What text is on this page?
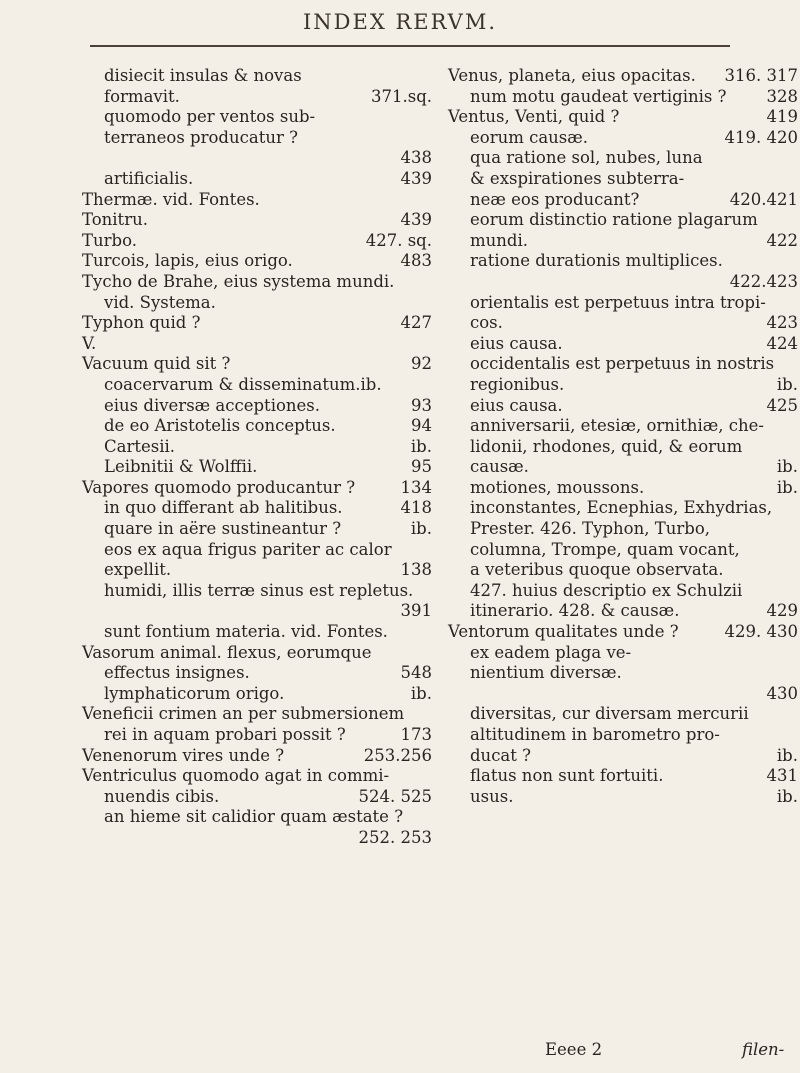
INDEX RERVM.
disiecit insulas & novas
formavit.	371.sq.
quomodo per ventos sub-
terraneos producatur ?
438
artificialis.	439
Thermæ. vid. Fontes.
Tonitru.	439
Turbo.	427. sq.
Turcois, lapis, eius origo.	483
Tycho de Brahe, eius systema mundi.
vid. Systema.
Typhon quid ?	427
V.
Vacuum quid sit ?	92
coacervarum & disseminatum.ib.
eius diversæ acceptiones.	93
de eo Aristotelis conceptus.	94
Cartesii.	ib.
Leibnitii & Wolffii.	95
Vapores quomodo producantur ?	134
in quo differant ab halitibus.	418
quare in aëre sustineantur ?	ib.
eos ex aqua frigus pariter ac calor
expellit.	138
humidi, illis terræ sinus est repletus.
391
sunt fontium materia. vid. Fontes.
Vasorum animal. flexus, eorumque
effectus insignes.	548
lymphaticorum origo.	ib.
Veneficii crimen an per submersionem
rei in aquam probari possit ?	173
Venenorum vires unde ?	253.256
Ventriculus quomodo agat in commi-
nuendis cibis.	524. 525
an hieme sit calidior quam æstate ?
252. 253
Venus, planeta, eius opacitas. 316. 317
num motu gaudeat vertiginis ? 328
Ventus, Venti, quid ?	419
eorum causæ.	419. 420
qua ratione sol, nubes, luna
& exspirationes subterra-
neæ eos producant?	420.421
eorum distinctio ratione plagarum
mundi.	422
ratione durationis multiplices.
422.423
orientalis est perpetuus intra tropi-
cos.	423
eius causa.	424
occidentalis est perpetuus in nostris
regionibus.	ib.
eius causa.	425
anniversarii, etesiæ, ornithiæ, che-
lidonii, rhodones, quid, & eorum
causæ.	ib.
motiones, moussons.	ib.
inconstantes, Ecnephias, Exhydrias,
Prester. 426. Typhon, Turbo,
columna, Trompe, quam vocant,
a veteribus quoque observata.
427. huius descriptio ex Schulzii
itinerario. 428. & causæ.	429
Ventorum qualitates unde ?	429. 430
ex eadem plaga ve-
nientium diversæ.
430
diversitas, cur diversam mercurii
altitudinem in barometro pro-
ducat ?	ib.
flatus non sunt fortuiti.	431
usus.	ib.
Eeee 2	filen-
